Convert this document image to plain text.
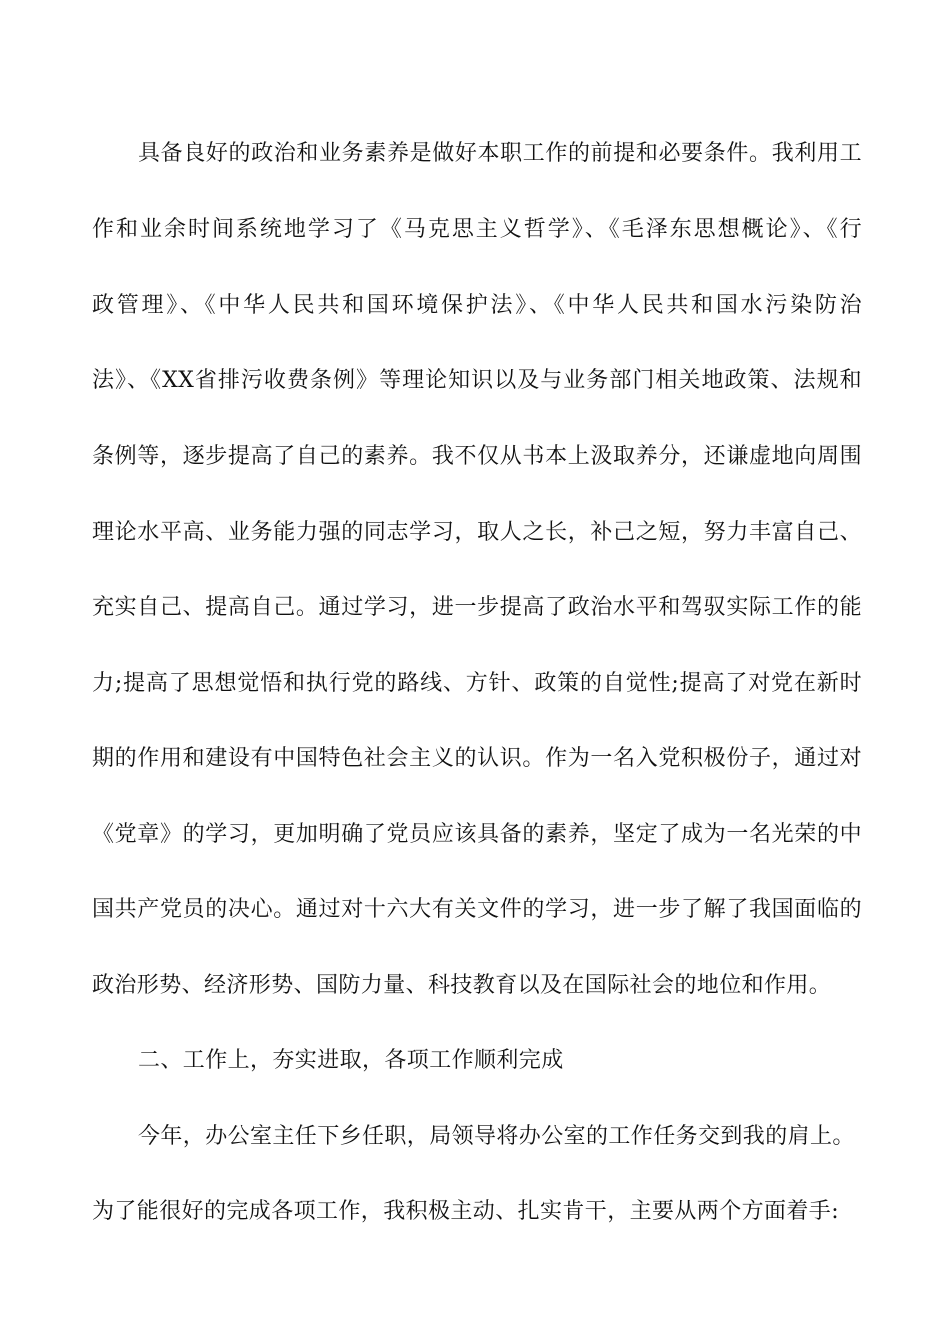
具备良好的政治和业务素养是做好本职工作的前提和必要条件。我利用工
作和业余时间系统地学习了《马克思主义哲学》、《毛泽东思想概论》、《行
政管理》、《中华人民共和国环境保护法》、《中华人民共和国水污染防治
法》、《XX省排污收费条例》等理论知识以及与业务部门相关地政策、法规和
条例等，逐步提高了自己的素养。我不仅从书本上汲取养分，还谦虚地向周围
理论水平高、业务能力强的同志学习，取人之长，补己之短，努力丰富自己、
充实自己、提高自己。通过学习，进一步提高了政治水平和驾驭实际工作的能
力;提高了思想觉悟和执行党的路线、方针、政策的自觉性;提高了对党在新时
期的作用和建设有中国特色社会主义的认识。作为一名入党积极份子，通过对
《党章》的学习，更加明确了党员应该具备的素养，坚定了成为一名光荣的中
国共产党员的决心。通过对十六大有关文件的学习，进一步了解了我国面临的
政治形势、经济形势、国防力量、科技教育以及在国际社会的地位和作用。
二、工作上，夯实进取，各项工作顺利完成
今年，办公室主任下乡任职，局领导将办公室的工作任务交到我的肩上。
为了能很好的完成各项工作，我积极主动、扎实肯干，主要从两个方面着手:
